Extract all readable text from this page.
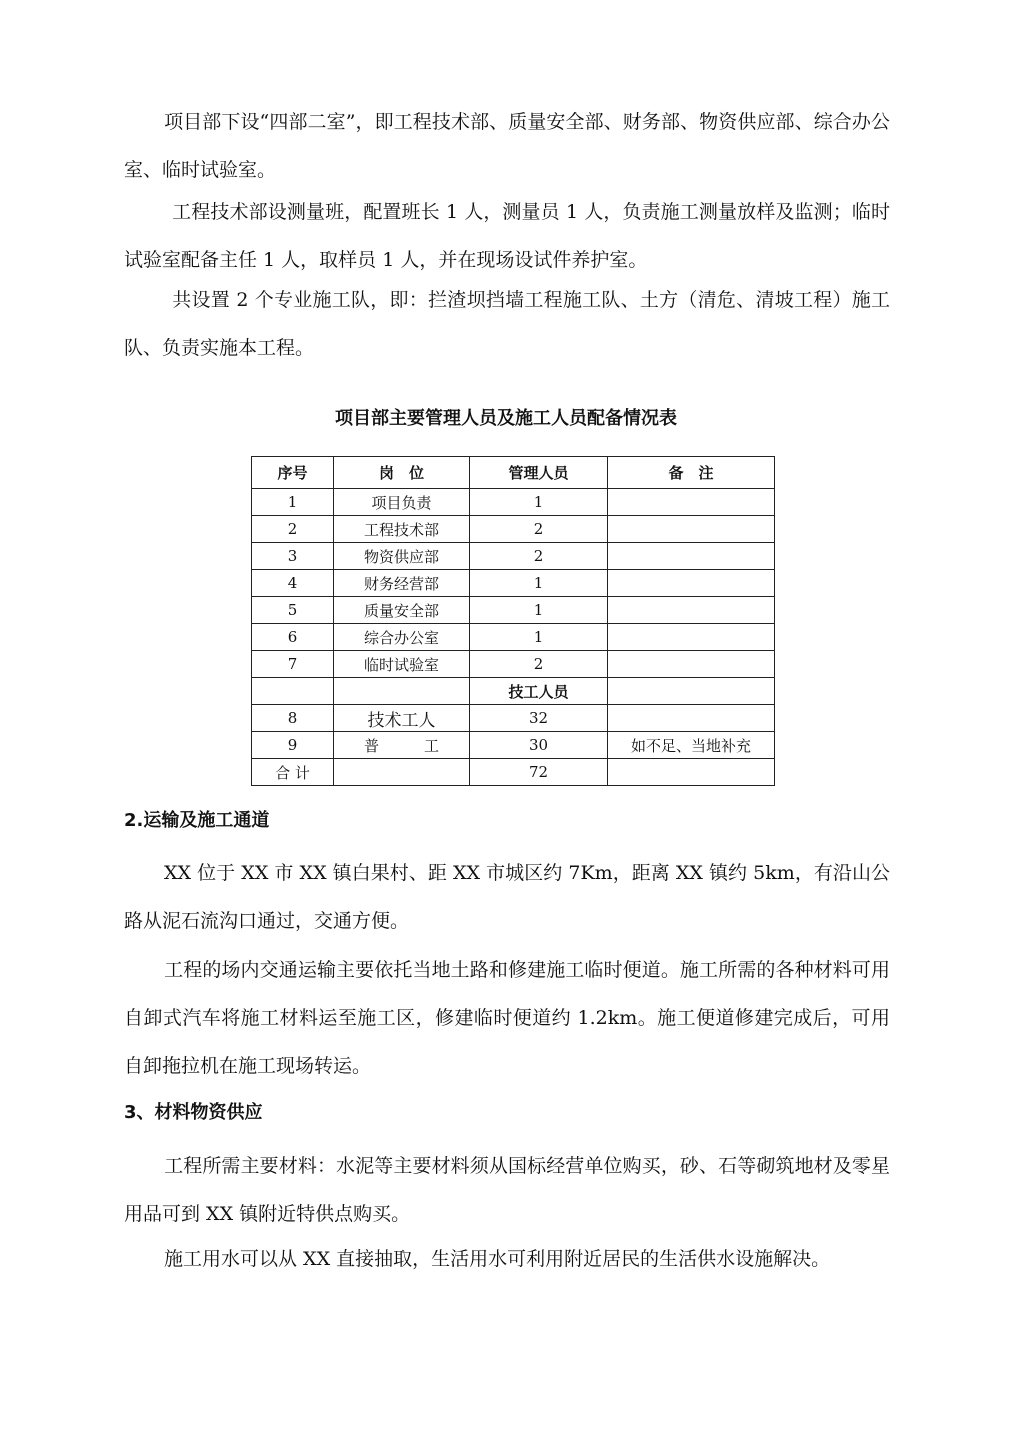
项目部下设“四部二室”，即工程技术部、质量安全部、财务部、物资供应部、综合办公室、临时试验室。

工程技术部设测量班，配置班长 1 人，测量员 1 人，负责施工测量放样及监测；临时试验室配备主任 1 人，取样员 1 人，并在现场设试件养护室。

共设置 2 个专业施工队，即：拦渣坝挡墙工程施工队、土方（清危、清坡工程）施工队、负责实施本工程。

项目部主要管理人员及施工人员配备情况表
序号	岗　位	管理人员	备　注
1	项目负责	1	
2	工程技术部	2	
3	物资供应部	2	
4	财务经营部	1	
5	质量安全部	1	
6	综合办公室	1	
7	临时试验室	2	
		技工人员	
8	技术工人	32	
9	普　　　工	30	如不足、当地补充
合 计		72	
2.运输及施工通道

XX 位于 XX 市 XX 镇白果村、距 XX 市城区约 7Km，距离 XX 镇约 5km，有沿山公路从泥石流沟口通过，交通方便。

工程的场内交通运输主要依托当地土路和修建施工临时便道。施工所需的各种材料可用自卸式汽车将施工材料运至施工区，修建临时便道约 1.2km。施工便道修建完成后，可用自卸拖拉机在施工现场转运。

3、材料物资供应

工程所需主要材料：水泥等主要材料须从国标经营单位购买，砂、石等砌筑地材及零星用品可到 XX 镇附近特供点购买。

施工用水可以从 XX 直接抽取，生活用水可利用附近居民的生活供水设施解决。
